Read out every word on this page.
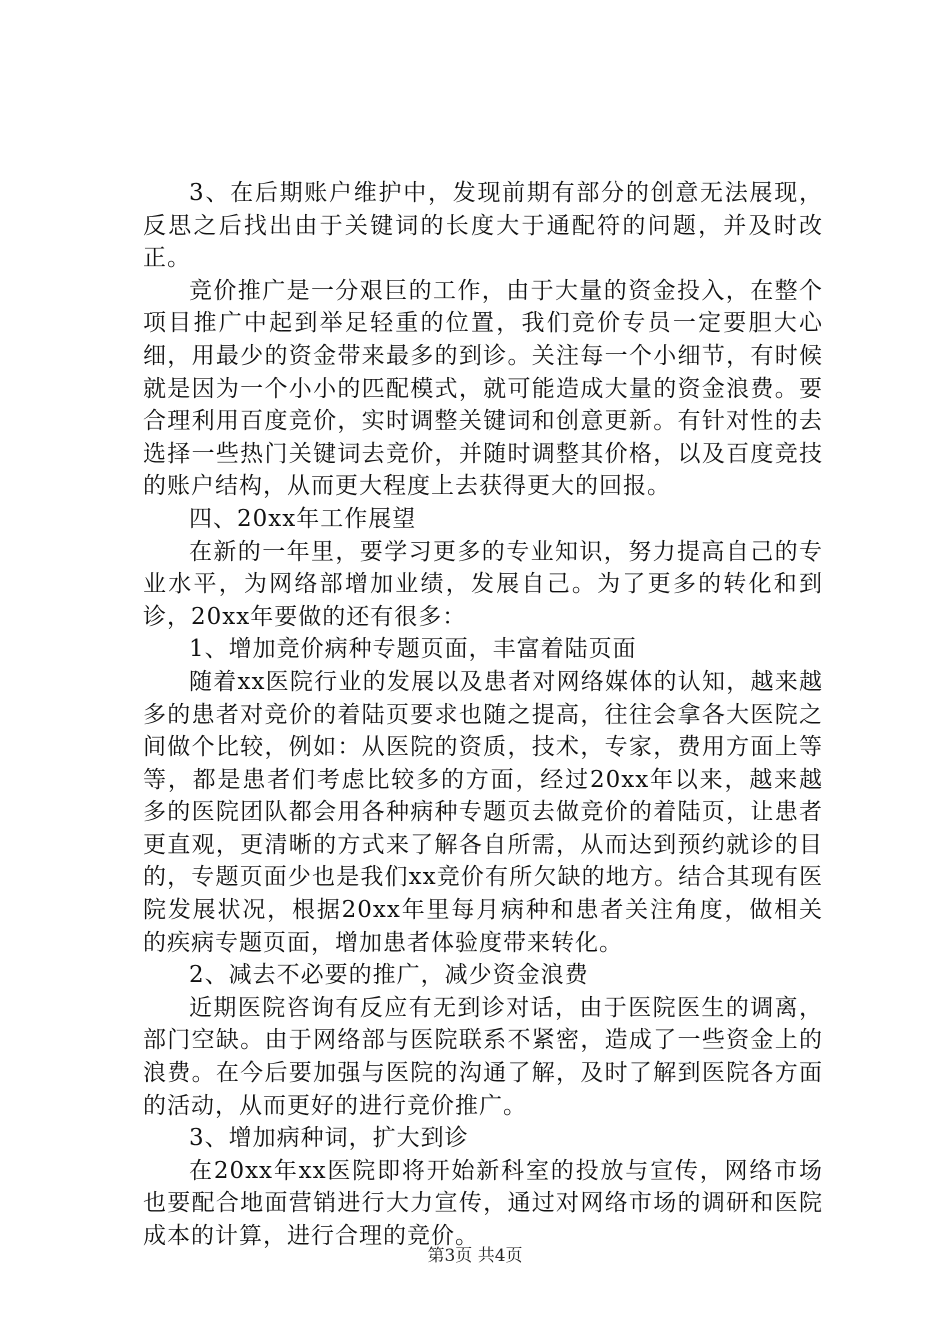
3、在后期账户维护中，发现前期有部分的创意无法展现，反思之后找出由于关键词的长度大于通配符的问题，并及时改正。

竞价推广是一分艰巨的工作，由于大量的资金投入，在整个项目推广中起到举足轻重的位置，我们竞价专员一定要胆大心细，用最少的资金带来最多的到诊。关注每一个小细节，有时候就是因为一个小小的匹配模式，就可能造成大量的资金浪费。要合理利用百度竞价，实时调整关键词和创意更新。有针对性的去选择一些热门关键词去竞价，并随时调整其价格，以及百度竞技的账户结构，从而更大程度上去获得更大的回报。

四、20xx年工作展望

在新的一年里，要学习更多的专业知识，努力提高自己的专业水平，为网络部增加业绩，发展自己。为了更多的转化和到诊，20xx年要做的还有很多：

1、增加竞价病种专题页面，丰富着陆页面

随着xx医院行业的发展以及患者对网络媒体的认知，越来越多的患者对竞价的着陆页要求也随之提高，往往会拿各大医院之间做个比较，例如：从医院的资质，技术，专家，费用方面上等等，都是患者们考虑比较多的方面，经过20xx年以来，越来越多的医院团队都会用各种病种专题页去做竞价的着陆页，让患者更直观，更清晰的方式来了解各自所需，从而达到预约就诊的目的，专题页面少也是我们xx竞价有所欠缺的地方。结合其现有医院发展状况，根据20xx年里每月病种和患者关注角度，做相关的疾病专题页面，增加患者体验度带来转化。

2、减去不必要的推广，减少资金浪费

近期医院咨询有反应有无到诊对话，由于医院医生的调离，部门空缺。由于网络部与医院联系不紧密，造成了一些资金上的浪费。在今后要加强与医院的沟通了解，及时了解到医院各方面的活动，从而更好的进行竞价推广。

3、增加病种词，扩大到诊

在20xx年xx医院即将开始新科室的投放与宣传，网络市场也要配合地面营销进行大力宣传，通过对网络市场的调研和医院成本的计算，进行合理的竞价。

第3页 共4页
